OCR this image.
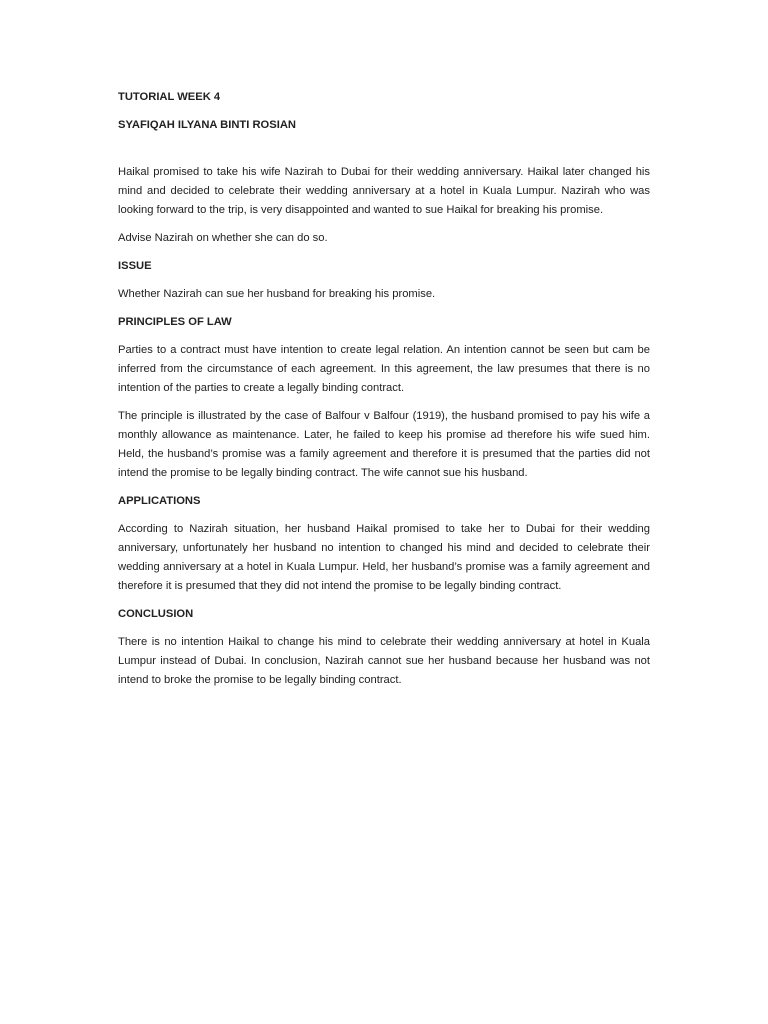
TUTORIAL WEEK 4

SYAFIQAH ILYANA BINTI ROSIAN

Haikal promised to take his wife Nazirah to Dubai for their wedding anniversary. Haikal later changed his mind and decided to celebrate their wedding anniversary at a hotel in Kuala Lumpur. Nazirah who was looking forward to the trip, is very disappointed and wanted to sue Haikal for breaking his promise.

Advise Nazirah on whether she can do so.

ISSUE

Whether Nazirah can sue her husband for breaking his promise.

PRINCIPLES OF LAW

Parties to a contract must have intention to create legal relation. An intention cannot be seen but cam be inferred from the circumstance of each agreement. In this agreement, the law presumes that there is no intention of the parties to create a legally binding contract.

The principle is illustrated by the case of Balfour v Balfour (1919), the husband promised to pay his wife a monthly allowance as maintenance. Later, he failed to keep his promise ad therefore his wife sued him. Held, the husband’s promise was a family agreement and therefore it is presumed that the parties did not intend the promise to be legally binding contract. The wife cannot sue his husband.

APPLICATIONS

According to Nazirah situation, her husband Haikal promised to take her to Dubai for their wedding anniversary, unfortunately her husband no intention to changed his mind and decided to celebrate their wedding anniversary at a hotel in Kuala Lumpur. Held, her husband’s promise was a family agreement and therefore it is presumed that they did not intend the promise to be legally binding contract.

CONCLUSION

There is no intention Haikal to change his mind to celebrate their wedding anniversary at hotel in Kuala Lumpur instead of Dubai. In conclusion, Nazirah cannot sue her husband because her husband was not intend to broke the promise to be legally binding contract.
